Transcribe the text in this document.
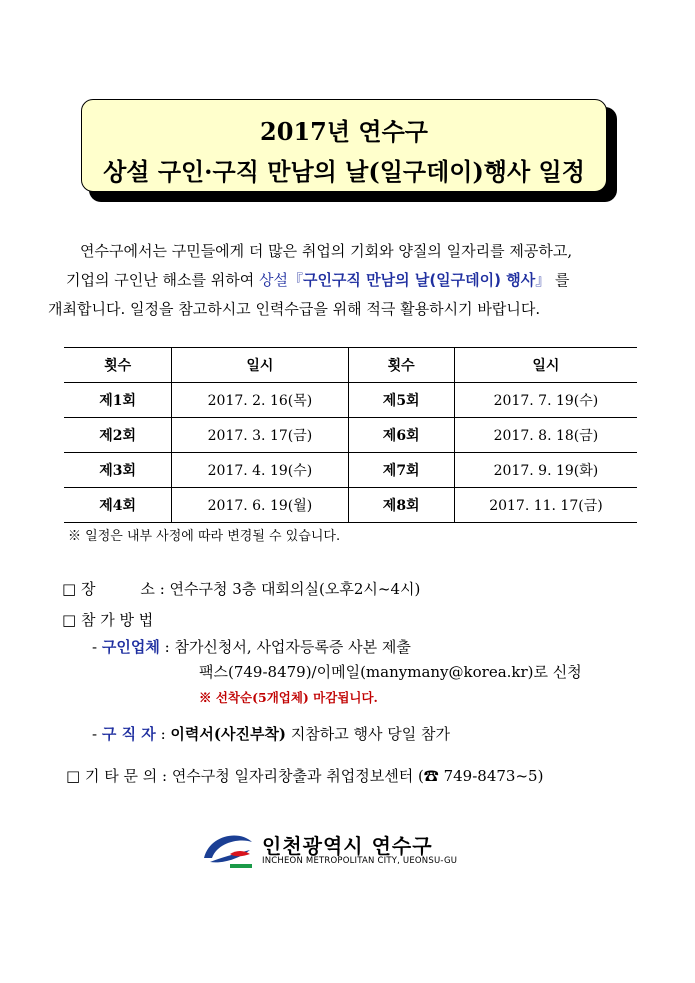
2017년 연수구
상설 구인·구직 만남의 날(일구데이)행사 일정

연수구에서는 구민들에게 더 많은 취업의 기회와 양질의 일자리를 제공하고,

기업의 구인난 해소를 위하여 상설『구인구직 만남의 날(일구데이) 행사』 를

개최합니다. 일정을 참고하시고 인력수급을 위해 적극 활용하시기 바랍니다.

횟수	일시	횟수	일시
제1회	2017. 2. 16(목)	제5회	2017. 7. 19(수)
제2회	2017. 3. 17(금)	제6회	2017. 8. 18(금)
제3회	2017. 4. 19(수)	제7회	2017. 9. 19(화)
제4회	2017. 6. 19(월)	제8회	2017. 11. 17(금)
※ 일정은 내부 사정에 따라 변경될 수 있습니다.
□ 장　　　소 : 연수구청 3층 대회의실(오후2시~4시)
□ 참 가 방 법
- 구인업체 : 참가신청서, 사업자등록증 사본 제출
팩스(749-8479)/이메일(manymany@korea.kr)로 신청
※ 선착순(5개업체) 마감됩니다.
- 구 직 자 : 이력서(사진부착) 지참하고 행사 당일 참가
□ 기 타 문 의 : 연수구청 일자리창출과 취업정보센터 (☎ 749-8473~5)
인천광역시 연수구
INCHEON METROPOLITAN CITY, UEONSU-GU
